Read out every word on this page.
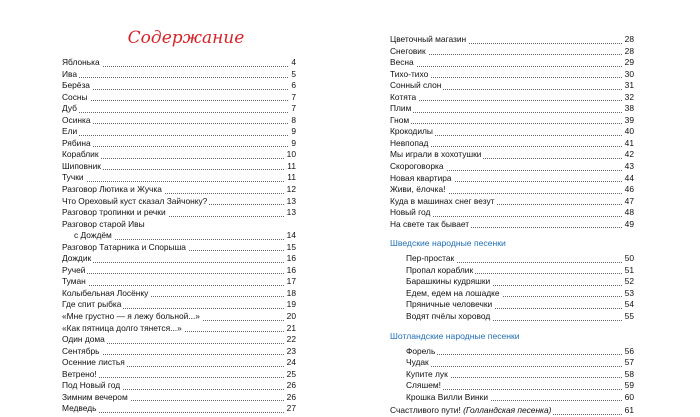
Содержание
Яблонька	4
Ива	5
Берёза	6
Сосны	7
Дуб	7
Осинка	8
Ели	9
Рябина	9
Кораблик	10
Шиповник	11
Тучки	11
Разговор Лютика и Жучка	12
Что Ореховый куст сказал Зайчонку?	13
Разговор тропинки и речки	13
Разговор старой Ивы
с Дождём	14
Разговор Татарника и Спорыша	15
Дождик	16
Ручей	16
Туман	17
Колыбельная Лосёнку	18
Где спит рыбка	19
«Мне грустно — я лежу больной...»	20
«Как пятница долго тянется...»	21
Один дома	22
Сентябрь	23
Осенние листья	24
Ветрено!	25
Под Новый год	26
Зимним вечером	26
Медведь	27
Цветочный магазин	28
Снеговик	28
Весна	29
Тихо-тихо	30
Сонный слон	31
Котята	32
Плим	38
Гном	39
Крокодилы	40
Невпопад	41
Мы играли в хохотушки	42
Скороговорка	43
Новая квартира	44
Живи, ёлочка!	46
Куда в машинах снег везут	47
Новый год	48
На свете так бывает	49
Шведские народные песенки
Пер-простак	50
Пропал кораблик	51
Барашкины кудряшки	52
Едем, едем на лошадке	53
Пряничные человечки	54
Водят пчёлы хоровод	55
Шотландские народные песенки
Форель	56
Чудак	57
Купите лук	58
Сляшем!	59
Крошка Вилли Винки	60
Счастливого пути! (Голландская песенка)	61
